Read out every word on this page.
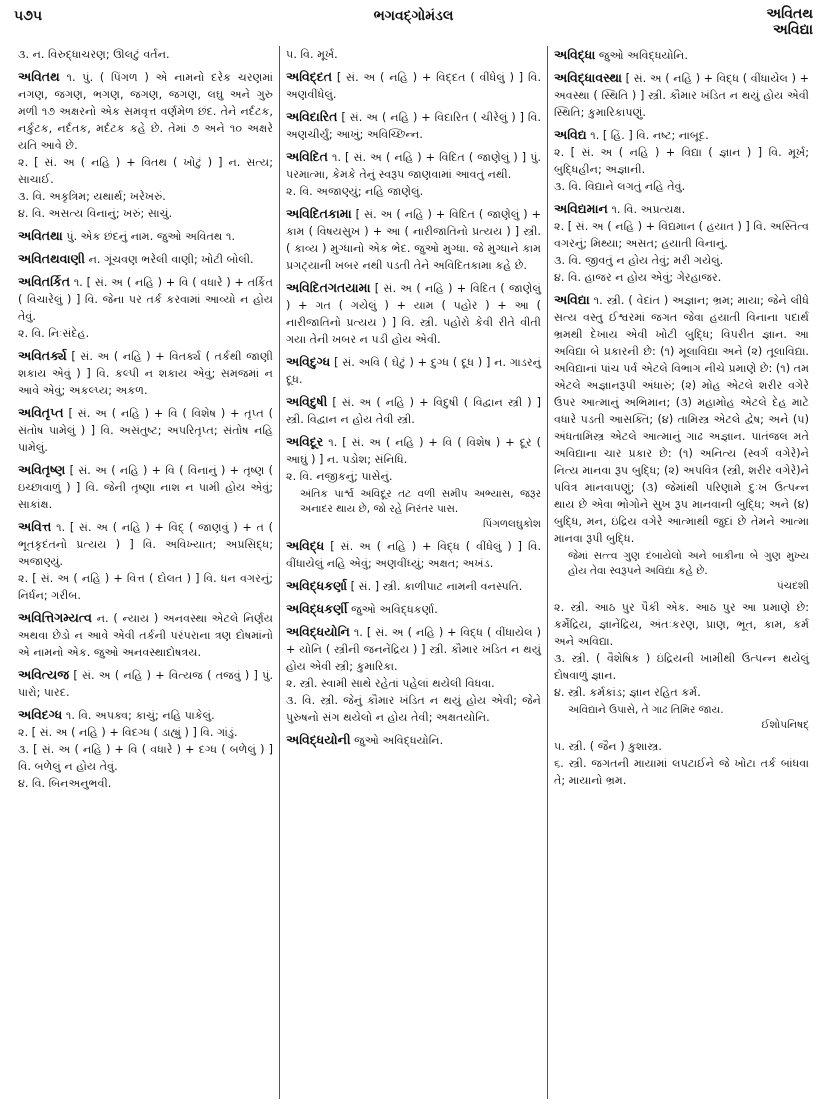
૫૭૫	ભગવદ્ગોમંડલ	અવિતથ
અવિદ્યા

૩. ન. વિરુદ્ધાચરણ; ઊલટું વર્તન.

અવિતથ ૧. પું. ( પિંગળ ) એ નામનો દરેક ચરણમાં નગણ, જગણ, ભગણ, જગણ, જગણ, લઘુ અને ગુરુ મળી ૧૭ અક્ષરનો એક સમવૃત્ત વર્ણમેળ છંદ. તેને નર્દટક, નર્કુટક, નર્દતક, મર્દટક કહે છે. તેમાં ૭ અને ૧૦ અક્ષરે યતિ આવે છે.

૨. [ સં. અ ( નહિ ) + વિતથ ( ખોટું ) ] ન. સત્ય; સાચાઈ.

૩. વિ. અકૃત્રિમ; યથાર્થ; ખરેખરું.

૪. વિ. અસત્ય વિનાનું; ખરું; સાચું.

અવિતથા પું. એક છંદનું નામ. જુઓ અવિતથ ૧.

અવિતથવાણી ન. ગૂંચવણ ભરેલી વાણી; ખોટી બોલી.

અવિતર્કિત ૧. [ સં. અ ( નહિ ) + વિ ( વધારે ) + તર્કિત ( વિચારેલું ) ] વિ. જેના પર તર્ક કરવામાં આવ્યો ન હોય તેવું.

૨. વિ. નિઃસંદેહ.

અવિતર્ક્ય [ સં. અ ( નહિ ) + વિતર્ક્ય ( તર્કથી જાણી શકાય એવું ) ] વિ. કલ્પી ન શકાય એવું; સમજમાં ન આવે એવું; અકલ્પ્ય; અકળ.

અવિતૃપ્ત [ સં. અ ( નહિ ) + વિ ( વિશેષ ) + તૃપ્ત ( સંતોષ પામેલું ) ] વિ. અસંતુષ્ટ; અપરિતૃપ્ત; સંતોષ નહિ પામેલું.

અવિતૃષ્ણ [ સં. અ ( નહિ ) + વિ ( વિનાનું ) + તૃષ્ણ ( ઇચ્છાવાળું ) ] વિ. જેની તૃષ્ણા નાશ ન પામી હોય એવું; સાકાંક્ષ.

અવિત્ત ૧. [ સં. અ ( નહિ ) + વિદ્ ( જાણવું ) + ત ( ભૂતકૃદંતનો પ્રત્યય ) ] વિ. અવિખ્યાત; અપ્રસિદ્ધ; અજાણ્યું.

૨. [ સં. અ ( નહિ ) + વિત્ત ( દોલત ) ] વિ. ધન વગરનું; નિર્ધન; ગરીબ.

અવિત્તિગમ્યત્વ ન. ( ન્યાય ) અનવસ્થા એટલે નિર્ણય અથવા છેડો ન આવે એવી તર્કની પરંપરાના ત્રણ દોષમાંનો એ નામનો એક. જુઓ અનવસ્થાદોષત્રય.

અવિત્યજ [ સં. અ ( નહિ ) + વિત્યજ ( તજવું ) ] પું. પારો; પારદ.

અવિદગ્ધ ૧. વિ. અપક્વ; કાચું; નહિ પાકેલું.

૨. [ સં. અ ( નહિ ) + વિદગ્ધ ( ડાહ્યું ) ] વિ. ગાંડું.

૩. [ સં. અ ( નહિ ) + વિ ( વધારે ) + દગ્ધ ( બળેલું ) ] વિ. બળેલું ન હોય તેવું.

૪. વિ. બિનઅનુભવી.

૫. વિ. મૂર્ખ.

અવિદ્દત [ સં. અ ( નહિ ) + વિદ્દત ( વીંધેલું ) ] વિ. અણવીંધેલું.

અવિદારિત [ સં. અ ( નહિ ) + વિદારિત ( ચીરેલું ) ] વિ. અણચીર્યું; આખું; અવિચ્છિન્ન.

અવિદિત ૧. [ સં. અ ( નહિ ) + વિદિત ( જાણેલું ) ] પું. પરમાત્મા, કેમકે તેનું સ્વરૂપ જાણવામાં આવતું નથી.

૨. વિ. અજાણ્યું; નહિ જાણેલું.

અવિદિતકામા [ સં. અ ( નહિ ) + વિદિત ( જાણેલું ) + કામ ( વિષયસુખ ) + આ ( નારીજાતિનો પ્રત્યય ) ] સ્ત્રી. ( કાવ્ય ) મુગ્ધાનો એક ભેદ. જુઓ મુગ્ધા. જે મુગ્ધાને કામ પ્રગટ્યાની ખબર નથી પડતી તેને અવિદિતકામા કહે છે.

અવિદિતગતયામા [ સં. અ ( નહિ ) + વિદિત ( જાણેલું ) + ગત ( ગયેલું ) + યામ ( પહોર ) + આ ( નારીજાતિનો પ્રત્યય ) ] વિ. સ્ત્રી. પહોરો કેવી રીતે વીતી ગયા તેની ખબર ન પડી હોય એવી.

અવિદુગ્ધ [ સં. અવિ ( ઘેટું ) + દુગ્ધ ( દૂધ ) ] ન. ગાડરનું દૂધ.

અવિદુષી [ સં. અ ( નહિ ) + વિદુષી ( વિદ્વાન સ્ત્રી ) ] સ્ત્રી. વિદ્વાન ન હોય તેવી સ્ત્રી.

અવિદૂર ૧. [ સં. અ ( નહિ ) + વિ ( વિશેષ ) + દૂર ( આઘું ) ] ન. પડોશ; સંનિધિ.

૨. વિ. નજીકનું; પાસેનું.

અંતિક પાર્શ્વ અવિદૂર તટ વળી સમીપ અભ્યાસ, જરૂર અનાદર થાય છે, જો રહે નિરંતર પાસ.
પિંગળલઘુકોશ

અવિદ્ધ [ સં. અ ( નહિ ) + વિદ્ધ ( વીંધેલું ) ] વિ. વીંધાયેલું નહિ એવું; અણવીંધ્યું; અક્ષત; અખંડ.

અવિદ્ધકર્ણા [ સં. ] સ્ત્રી. કાળીપાટ નામની વનસ્પતિ.

અવિદ્ધકર્ણી જુઓ અવિદ્ધકર્ણા.

અવિદ્ધયોનિ ૧. [ સં. અ ( નહિ ) + વિદ્ધ ( વીંધાયેલ ) + યોનિ ( સ્ત્રીની જનનેંદ્રિય ) ] સ્ત્રી. કૌમાર ખંડિત ન થયું હોય એવી સ્ત્રી; કુમારિકા.

૨. સ્ત્રી. સ્વામી સાથે રહેતાં પહેલાં થયેલી વિધવા.

૩. વિ. સ્ત્રી. જેનું કૌમાર ખંડિત ન થયું હોય એવી; જેને પુરુષનો સંગ થયેલો ન હોય તેવી; અક્ષતયોનિ.

અવિદ્ધયોની જુઓ અવિદ્ધયોનિ.

અવિદ્ધા જુઓ અવિદ્ધયોનિ.

અવિદ્ધાવસ્થા [ સં. અ ( નહિ ) + વિદ્ધ ( વીંધાયેલ ) + અવસ્થા ( સ્થિતિ ) ] સ્ત્રી. કૌમાર ખંડિત ન થયું હોય એવી સ્થિતિ; કુમારિકાપણું.

અવિદ્ય ૧. [ હિં. ] વિ. નષ્ટ; નાબૂદ.

૨. [ સં. અ ( નહિ ) + વિદ્યા ( જ્ઞાન ) ] વિ. મૂર્ખ; બુદ્ધિહીન; અજ્ઞાની.

૩. વિ. વિદ્યાને લગતું નહિ તેવું.

અવિદ્યમાન ૧. વિ. અપ્રત્યક્ષ.

૨. [ સં. અ ( નહિ ) + વિદ્યમાન ( હયાત ) ] વિ. અસ્તિત્વ વગરનું; મિથ્યા; અસત; હયાતી વિનાનું.

૩. વિ. જીવતું ન હોય તેવું; મરી ગયેલું.

૪. વિ. હાજર ન હોય એવું; ગેરહાજર.

અવિદ્યા ૧. સ્ત્રી. ( વેદાંત ) અજ્ઞાન; ભ્રમ; માયા; જેને લીધે સત્ય વસ્તુ ઈશ્વરમાં જગત જેવા હયાતી વિનાના પદાર્થ ભ્રમથી દેખાય એવી ખોટી બુદ્ધિ; વિપરીત જ્ઞાન. આ અવિદ્યા બે પ્રકારની છે: (૧) મૂલાવિદ્યા અને (૨) તૂલાવિદ્યા. અવિદ્યાનાં પાંચ પર્વ એટલે વિભાગ નીચે પ્રમાણે છે: (૧) તમ એટલે અજ્ઞાનરૂપી અંધારું; (૨) મોહ એટલે શરીર વગેરે ઉપર આત્માનું અભિમાન; (૩) મહામોહ એટલે દેહ માટે વધારે પડતી આસક્તિ; (૪) તામિસ્ત્ર એટલે દ્વેષ; અને (૫) અંધતામિસ્ત્ર એટલે આત્માનું ગાઢ અજ્ઞાન. પાતંજલ મતે અવિદ્યાના ચાર પ્રકાર છે: (૧) અનિત્ય (સ્વર્ગ વગેરે)ને નિત્ય માનવા રૂપ બુદ્ધિ; (૨) અપવિત્ર (સ્ત્રી, શરીર વગેરે)ને પવિત્ર માનવાપણું; (૩) જેમાંથી પરિણામે દુઃખ ઉત્પન્ન થાય છે એવા ભોગોને સુખ રૂપ માનવાની બુદ્ધિ; અને (૪) બુદ્ધિ, મન, ઇંદ્રિય વગેરે આત્માથી જુદાં છે તેમને આત્મા માનવા રૂપી બુદ્ધિ.

જેમાં સત્ત્વ ગુણ દબાયેલો અને બાકીના બે ગુણ મુખ્ય હોય તેવા સ્વરૂપને અવિદ્યા કહે છે.
પંચદશી

૨. સ્ત્રી. આઠ પુર પૈકી એક. આઠ પુર આ પ્રમાણે છે: કર્મેંદ્રિય, જ્ઞાનેંદ્રિય, અંતઃકરણ, પ્રાણ, ભૂત, કામ, કર્મ અને અવિદ્યા.

૩. સ્ત્રી. ( વૈશેષિક ) ઇંદ્રિયની ખામીથી ઉત્પન્ન થયેલું દોષવાળું જ્ઞાન.

૪. સ્ત્રી. કર્મકાંડ; જ્ઞાન રહિત કર્મ.

અવિદ્યાને ઉપાસે, તે ગાઢ તિમિર જાય.
ઈશોપનિષદ્

૫. સ્ત્રી. ( જૈન ) કુશાસ્ત્ર.

૬. સ્ત્રી. જગતની માયામાં લપટાઈને જે ખોટા તર્ક બાંધવા તે; માયાનો ભ્રમ.
